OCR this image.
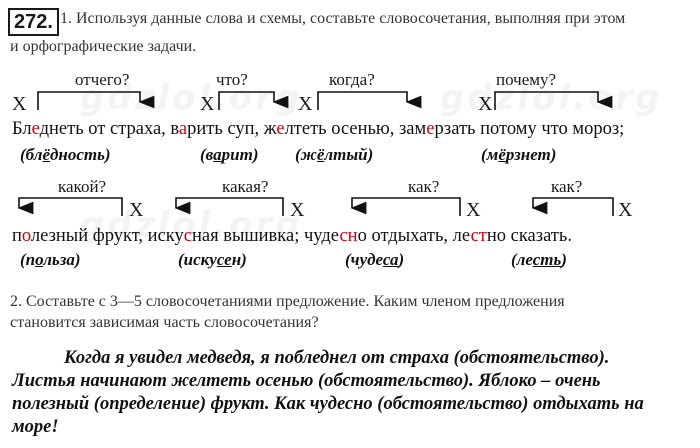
272. 1. Используя данные слова и схемы, составьте словосочетания, выполняя при этом
и орфографические задачи.
отчего?	что?	когда?	почему?
Х	Х	Х	Х
Бледнеть от страха, варить суп, желтеть осенью, замерзать потому что мороз;
(блёдность)	(варит) (жёлтый)	(мёрзнет)
какой?	какая?	как?	как?
Х	Х	Х	Х
полезный фрукт, искусная вышивка; чудесно отдыхать, лестно сказать.
(польза)	(искусен)	(чудеса)	(лесть)
2. Составьте с 3—5 словосочетаниями предложение. Каким членом предложения
становится зависимая часть словосочетания?
Когда я увидел медведя, я побледнел от страха (обстоятельство).
Листья начинают желтеть осенью (обстоятельство). Яблоко – очень
полезный (определение) фрукт. Как чудесно (обстоятельство) отдыхать на
море!
